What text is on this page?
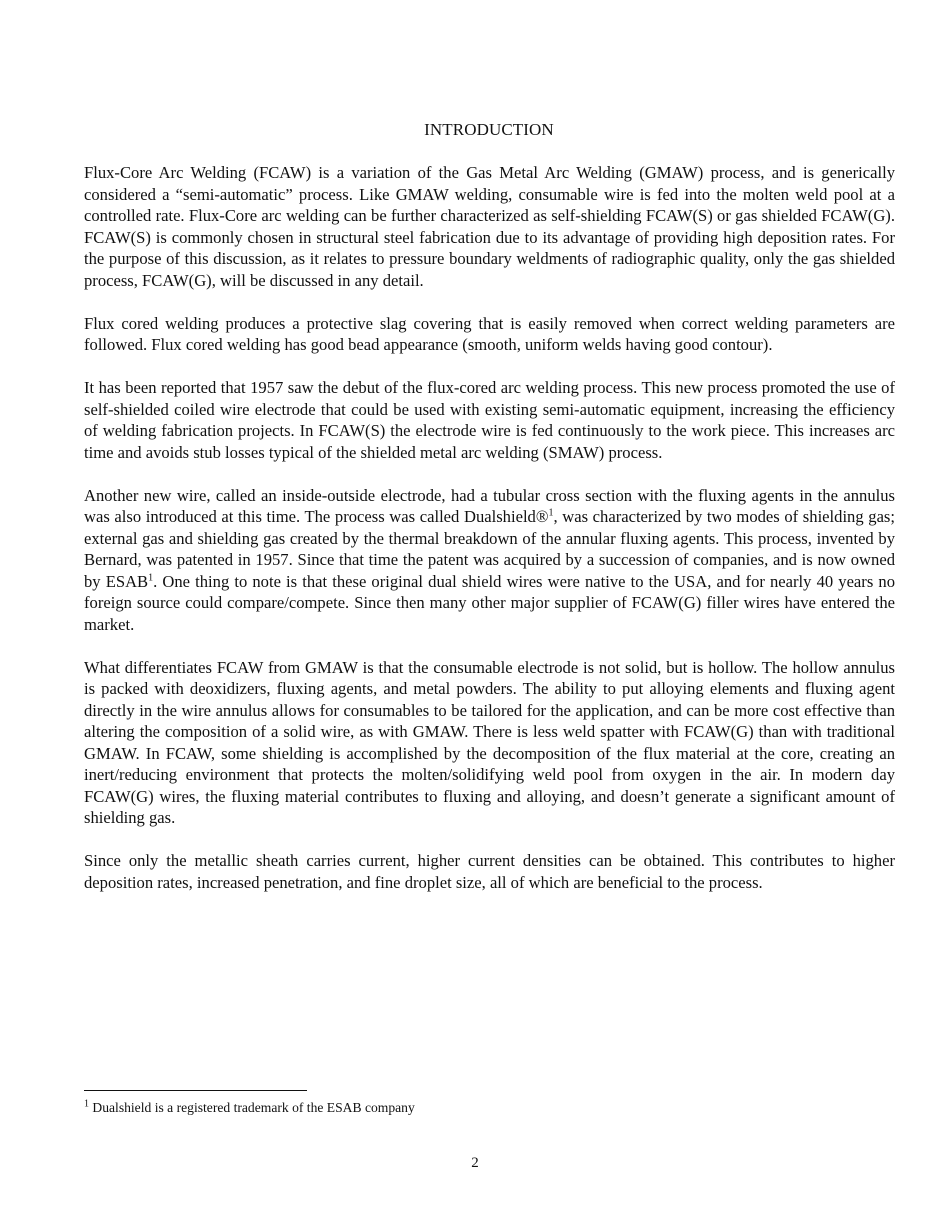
INTRODUCTION

Flux-Core Arc Welding (FCAW) is a variation of the Gas Metal Arc Welding (GMAW) process, and is generically considered a “semi-automatic” process. Like GMAW welding, consumable wire is fed into the molten weld pool at a controlled rate. Flux-Core arc welding can be further characterized as self-shielding FCAW(S) or gas shielded FCAW(G). FCAW(S) is commonly chosen in structural steel fabrication due to its advantage of providing high deposition rates. For the purpose of this discussion, as it relates to pressure boundary weldments of radiographic quality, only the gas shielded process, FCAW(G), will be discussed in any detail.

Flux cored welding produces a protective slag covering that is easily removed when correct welding parameters are followed. Flux cored welding has good bead appearance (smooth, uniform welds having good contour).

It has been reported that 1957 saw the debut of the flux-cored arc welding process. This new process promoted the use of self-shielded coiled wire electrode that could be used with existing semi-automatic equipment, increasing the efficiency of welding fabrication projects. In FCAW(S) the electrode wire is fed continuously to the work piece. This increases arc time and avoids stub losses typical of the shielded metal arc welding (SMAW) process.

Another new wire, called an inside-outside electrode, had a tubular cross section with the fluxing agents in the annulus was also introduced at this time. The process was called Dualshield®$^1$, was characterized by two modes of shielding gas; external gas and shielding gas created by the thermal breakdown of the annular fluxing agents. This process, invented by Bernard, was patented in 1957. Since that time the patent was acquired by a succession of companies, and is now owned by ESAB$^1$. One thing to note is that these original dual shield wires were native to the USA, and for nearly 40 years no foreign source could compare/compete. Since then many other major supplier of FCAW(G) filler wires have entered the market.

What differentiates FCAW from GMAW is that the consumable electrode is not solid, but is hollow. The hollow annulus is packed with deoxidizers, fluxing agents, and metal powders. The ability to put alloying elements and fluxing agent directly in the wire annulus allows for consumables to be tailored for the application, and can be more cost effective than altering the composition of a solid wire, as with GMAW. There is less weld spatter with FCAW(G) than with traditional GMAW. In FCAW, some shielding is accomplished by the decomposition of the flux material at the core, creating an inert/reducing environment that protects the molten/solidifying weld pool from oxygen in the air. In modern day FCAW(G) wires, the fluxing material contributes to fluxing and alloying, and doesn’t generate a significant amount of shielding gas.

Since only the metallic sheath carries current, higher current densities can be obtained. This contributes to higher deposition rates, increased penetration, and fine droplet size, all of which are beneficial to the process.

$^1$ Dualshield is a registered trademark of the ESAB company
2
